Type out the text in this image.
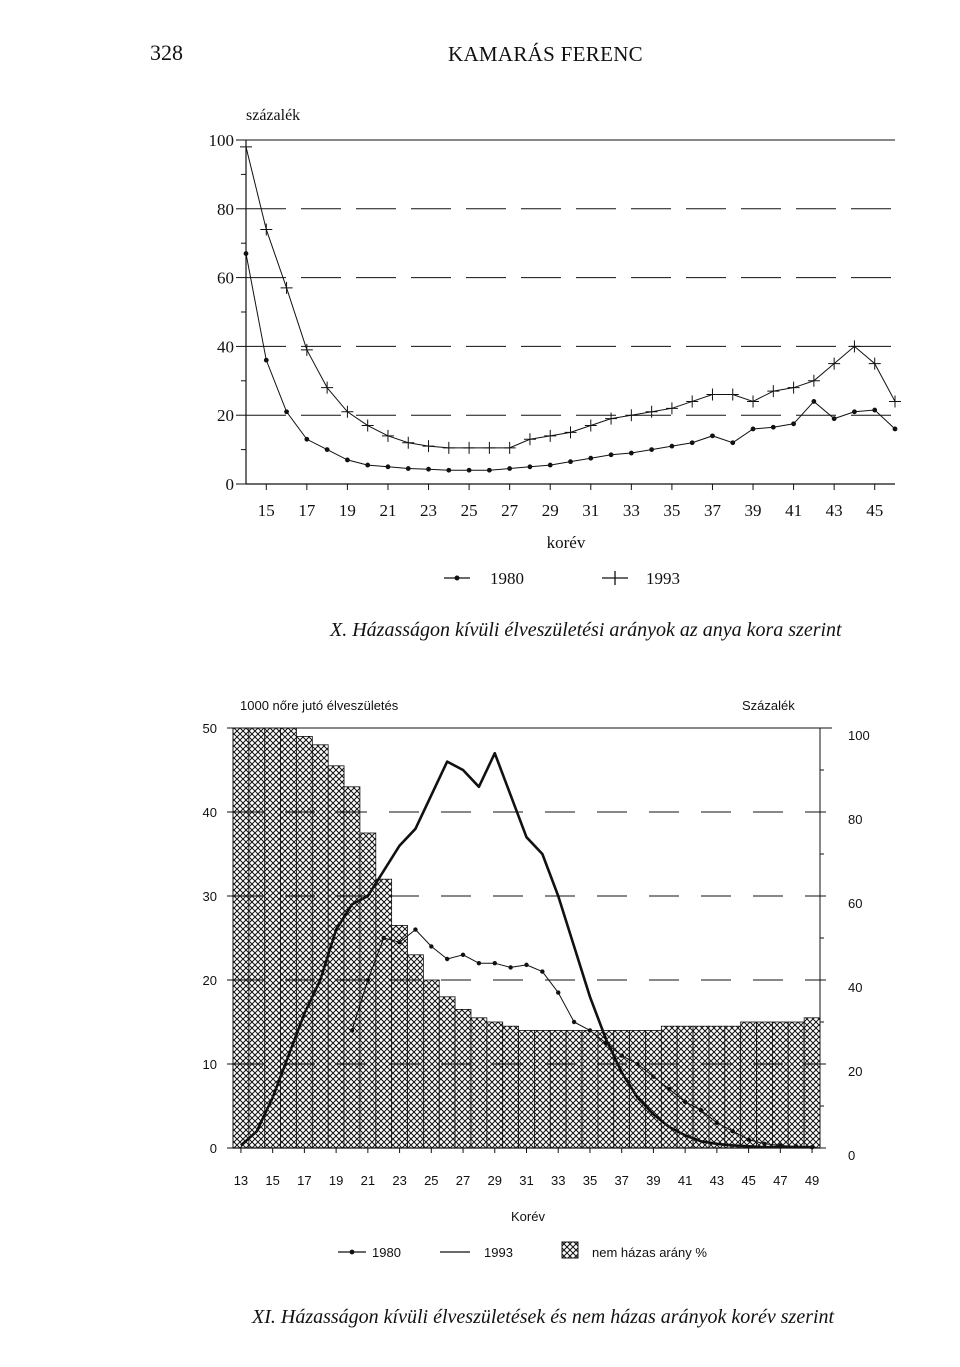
328	KAMARÁS FERENC
százalék
0
20
40
60
80
100
15 17 19 21 23 25 27 29 31 33 35 37 39 41 43 45
korév
1980	1993
X. Házasságon kívüli élveszületési arányok az anya kora szerint
1000 nőre jutó élveszületés	Százalék
0
10
20
30
40
50
0
20
40
60
80
100
13 15 17 19 21 23 25 27 29 31 33 35 37 39 41 43 45 47 49
Korév
1980	1993	nem házas arány %
XI. Házasságon kívüli élveszületések és nem házas arányok korév szerint
